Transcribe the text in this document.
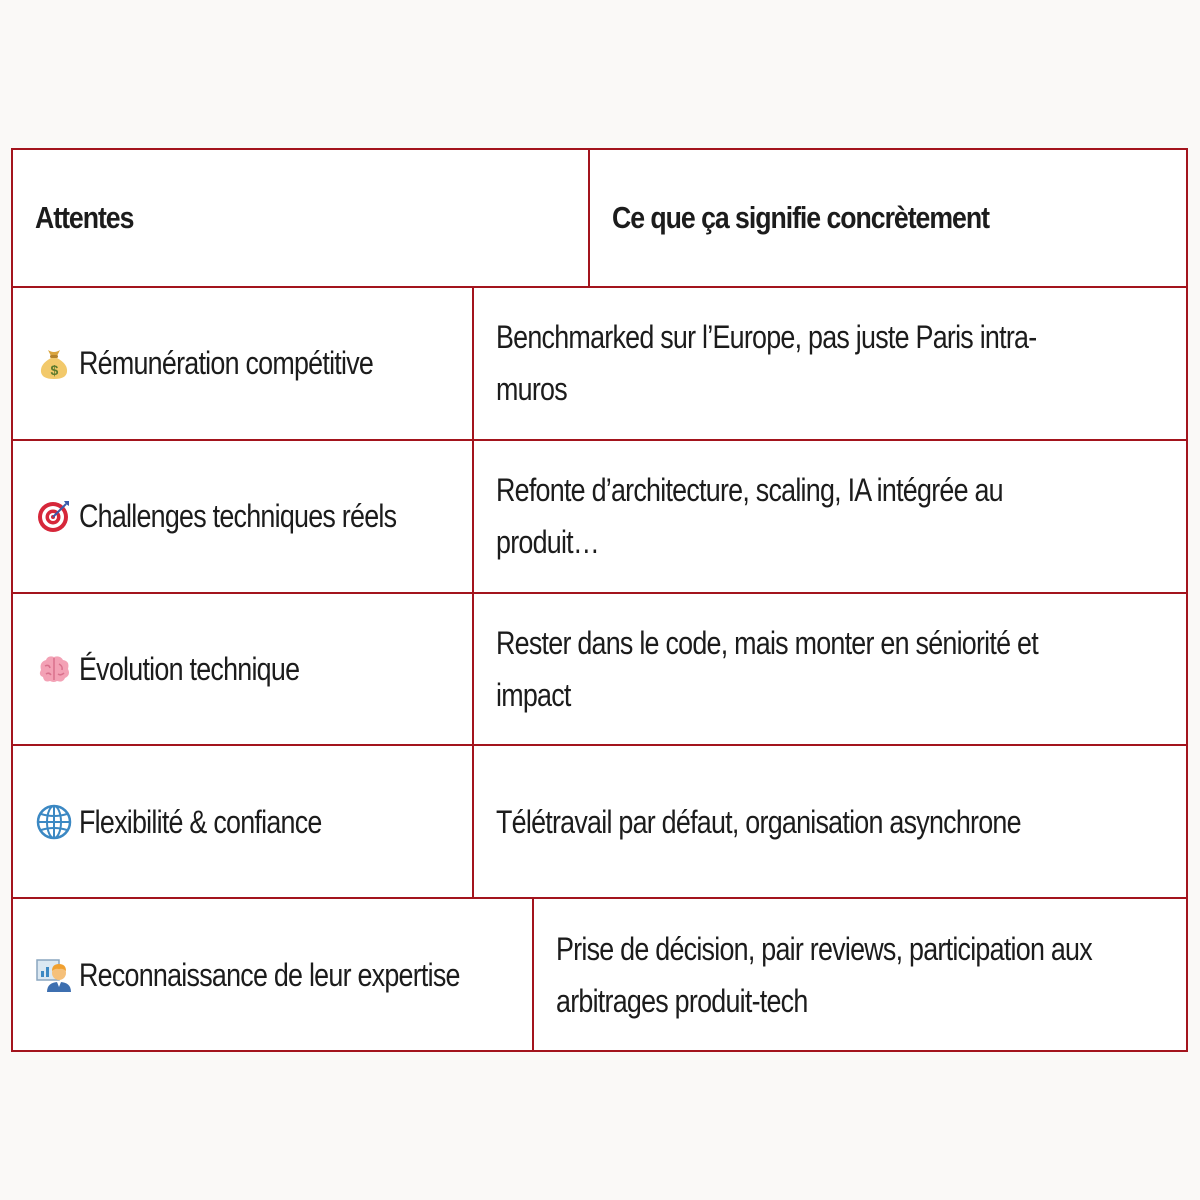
Attentes	Ce que ça signifie concrètement
$ Rémunération compétitive
Benchmarked sur l’Europe, pas juste Paris intra-muros
Challenges techniques réels
Refonte d’architecture, scaling, IA intégrée au produit…
Évolution technique
Rester dans le code, mais monter en séniorité et impact
Flexibilité & confiance	Télétravail par défaut, organisation asynchrone
Reconnaissance de leur expertise
Prise de décision, pair reviews, participation aux arbitrages produit-tech
